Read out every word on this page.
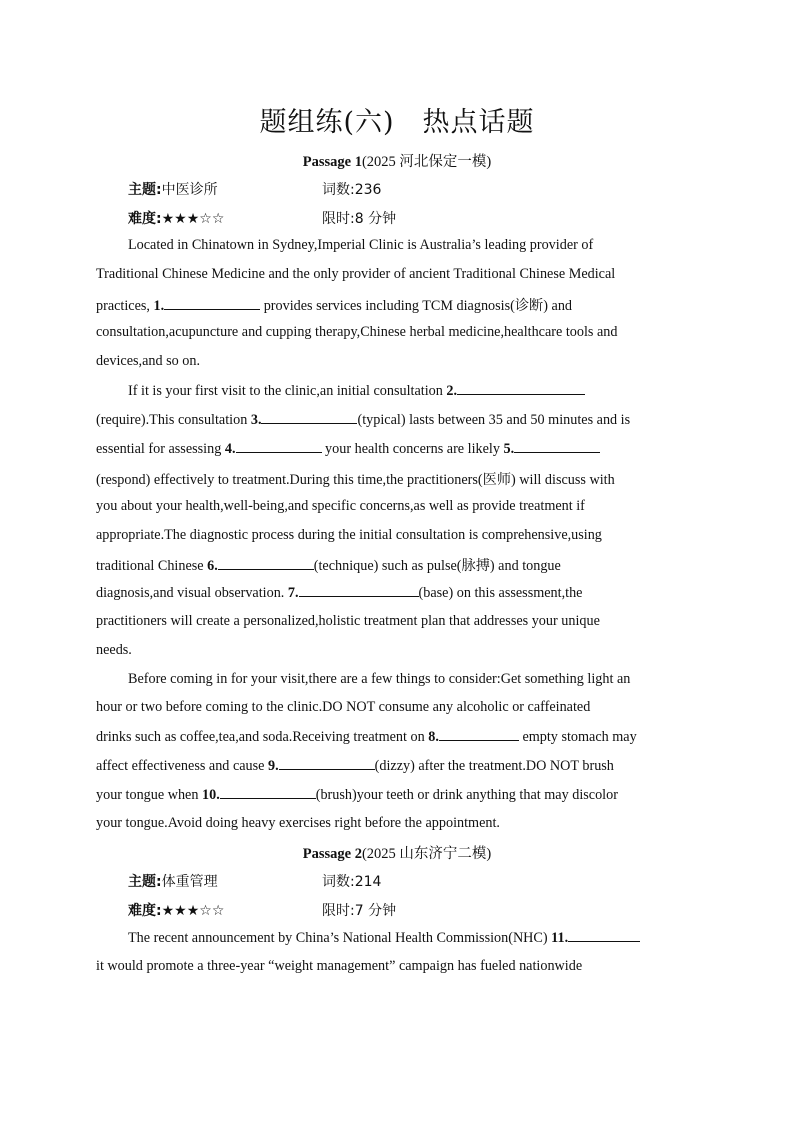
题组练(六)　热点话题
Passage 1(2025 河北保定一模)
主题:中医诊所	词数:236
难度:★★★☆☆	限时:8 分钟
Located in Chinatown in Sydney,Imperial Clinic is Australia’s leading provider of
Traditional Chinese Medicine and the only provider of ancient Traditional Chinese Medical
practices, 1.	provides services including TCM diagnosis(诊断) and
consultation,acupuncture and cupping therapy,Chinese herbal medicine,healthcare tools and
devices,and so on.
If it is your first visit to the clinic,an initial consultation 2.
(require).This consultation 3.	(typical) lasts between 35 and 50 minutes and is
essential for assessing 4.	your health concerns are likely 5.
(respond) effectively to treatment.During this time,the practitioners(医师) will discuss with
you about your health,well-being,and specific concerns,as well as provide treatment if
appropriate.The diagnostic process during the initial consultation is comprehensive,using
traditional Chinese 6.	(technique) such as pulse(脉搏) and tongue
diagnosis,and visual observation. 7.	(base) on this assessment,the
practitioners will create a personalized,holistic treatment plan that addresses your unique
needs.
Before coming in for your visit,there are a few things to consider:Get something light an
hour or two before coming to the clinic.DO NOT consume any alcoholic or caffeinated
drinks such as coffee,tea,and soda.Receiving treatment on 8.	empty stomach may
affect effectiveness and cause 9.	(dizzy) after the treatment.DO NOT brush
your tongue when 10.	(brush)your teeth or drink anything that may discolor
your tongue.Avoid doing heavy exercises right before the appointment.
Passage 2(2025 山东济宁二模)
主题:体重管理	词数:214
难度:★★★☆☆	限时:7 分钟
The recent announcement by China’s National Health Commission(NHC) 11.
it would promote a three-year “weight management” campaign has fueled nationwide
